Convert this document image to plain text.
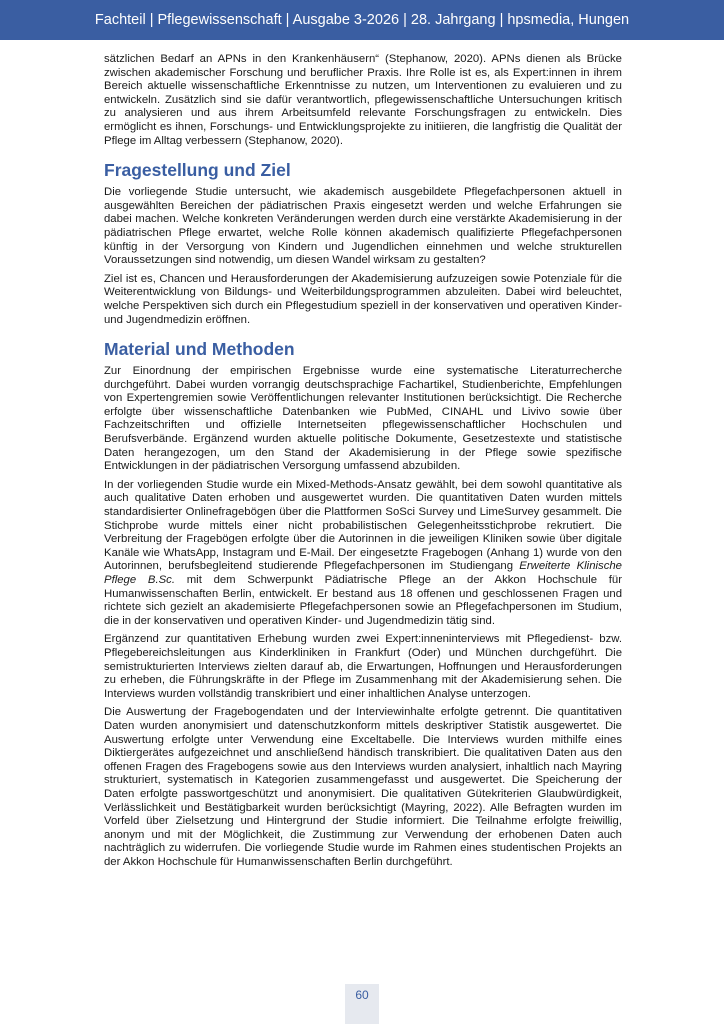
Fachteil | Pflegewissenschaft | Ausgabe 3-2026 | 28. Jahrgang | hpsmedia, Hungen

sätzlichen Bedarf an APNs in den Krankenhäusern“ (Stephanow, 2020). APNs dienen als Brücke zwischen akademischer Forschung und beruflicher Praxis. Ihre Rolle ist es, als Expert:innen in ihrem Bereich aktuelle wissenschaftliche Erkenntnisse zu nutzen, um Interventionen zu evaluieren und zu entwickeln. Zusätzlich sind sie dafür verantwortlich, pflegewissenschaftliche Untersuchungen kritisch zu analysieren und aus ihrem Arbeitsumfeld relevante Forschungsfragen zu entwickeln. Dies ermöglicht es ihnen, Forschungs- und Entwicklungsprojekte zu initiieren, die langfristig die Qualität der Pflege im Alltag verbessern (Stephanow, 2020).

Fragestellung und Ziel

Die vorliegende Studie untersucht, wie akademisch ausgebildete Pflegefachpersonen aktuell in ausgewählten Bereichen der pädiatrischen Praxis eingesetzt werden und welche Erfahrungen sie dabei machen. Welche konkreten Veränderungen werden durch eine verstärkte Akademisierung in der pädiatrischen Pflege erwartet, welche Rolle können akademisch qualifizierte Pflegefachpersonen künftig in der Versorgung von Kindern und Jugendlichen einnehmen und welche strukturellen Voraussetzungen sind notwendig, um diesen Wandel wirksam zu gestalten?

Ziel ist es, Chancen und Herausforderungen der Akademisierung aufzuzeigen sowie Potenziale für die Weiterentwicklung von Bildungs- und Weiterbildungsprogrammen abzuleiten. Dabei wird beleuchtet, welche Perspektiven sich durch ein Pflegestudium speziell in der konservativen und operativen Kinder- und Jugendmedizin eröffnen.

Material und Methoden

Zur Einordnung der empirischen Ergebnisse wurde eine systematische Literaturrecherche durchgeführt. Dabei wurden vorrangig deutschsprachige Fachartikel, Studienberichte, Empfehlungen von Expertengremien sowie Veröffentlichungen relevanter Institutionen berücksichtigt. Die Recherche erfolgte über wissenschaftliche Datenbanken wie PubMed, CINAHL und Livivo sowie über Fachzeitschriften und offizielle Internetseiten pflegewissenschaftlicher Hochschulen und Berufsverbände. Ergänzend wurden aktuelle politische Dokumente, Gesetzestexte und statistische Daten herangezogen, um den Stand der Akademisierung in der Pflege sowie spezifische Entwicklungen in der pädiatrischen Versorgung umfassend abzubilden.

In der vorliegenden Studie wurde ein Mixed-Methods-Ansatz gewählt, bei dem sowohl quantitative als auch qualitative Daten erhoben und ausgewertet wurden. Die quantitativen Daten wurden mittels standardisierter Onlinefragebögen über die Plattformen SoSci Survey und LimeSurvey gesammelt. Die Stichprobe wurde mittels einer nicht probabilistischen Gelegenheitsstichprobe rekrutiert. Die Verbreitung der Fragebögen erfolgte über die Autorinnen in die jeweiligen Kliniken sowie über digitale Kanäle wie WhatsApp, Instagram und E-Mail. Der eingesetzte Fragebogen (Anhang 1) wurde von den Autorinnen, berufsbegleitend studierende Pflegefachpersonen im Studiengang Erweiterte Klinische Pflege B.Sc. mit dem Schwerpunkt Pädiatrische Pflege an der Akkon Hochschule für Humanwissenschaften Berlin, entwickelt. Er bestand aus 18 offenen und geschlossenen Fragen und richtete sich gezielt an akademisierte Pflegefachpersonen sowie an Pflegefachpersonen im Studium, die in der konservativen und operativen Kinder- und Jugendmedizin tätig sind.

Ergänzend zur quantitativen Erhebung wurden zwei Expert:inneninterviews mit Pflegedienst- bzw. Pflegebereichsleitungen aus Kinderkliniken in Frankfurt (Oder) und München durchgeführt. Die semistrukturierten Interviews zielten darauf ab, die Erwartungen, Hoffnungen und Herausforderungen zu erheben, die Führungskräfte in der Pflege im Zusammenhang mit der Akademisierung sehen. Die Interviews wurden vollständig transkribiert und einer inhaltlichen Analyse unterzogen.

Die Auswertung der Fragebogendaten und der Interviewinhalte erfolgte getrennt. Die quantitativen Daten wurden anonymisiert und datenschutzkonform mittels deskriptiver Statistik ausgewertet. Die Auswertung erfolgte unter Verwendung eine Exceltabelle. Die Interviews wurden mithilfe eines Diktiergerätes aufgezeichnet und anschließend händisch transkribiert. Die qualitativen Daten aus den offenen Fragen des Fragebogens sowie aus den Interviews wurden analysiert, inhaltlich nach Mayring strukturiert, systematisch in Kategorien zusammengefasst und ausgewertet. Die Speicherung der Daten erfolgte passwortgeschützt und anonymisiert. Die qualitativen Gütekriterien Glaubwürdigkeit, Verlässlichkeit und Bestätigbarkeit wurden berücksichtigt (Mayring, 2022). Alle Befragten wurden im Vorfeld über Zielsetzung und Hintergrund der Studie informiert. Die Teilnahme erfolgte freiwillig, anonym und mit der Möglichkeit, die Zustimmung zur Verwendung der erhobenen Daten auch nachträglich zu widerrufen. Die vorliegende Studie wurde im Rahmen eines studentischen Projekts an der Akkon Hochschule für Humanwissenschaften Berlin durchgeführt.

60
